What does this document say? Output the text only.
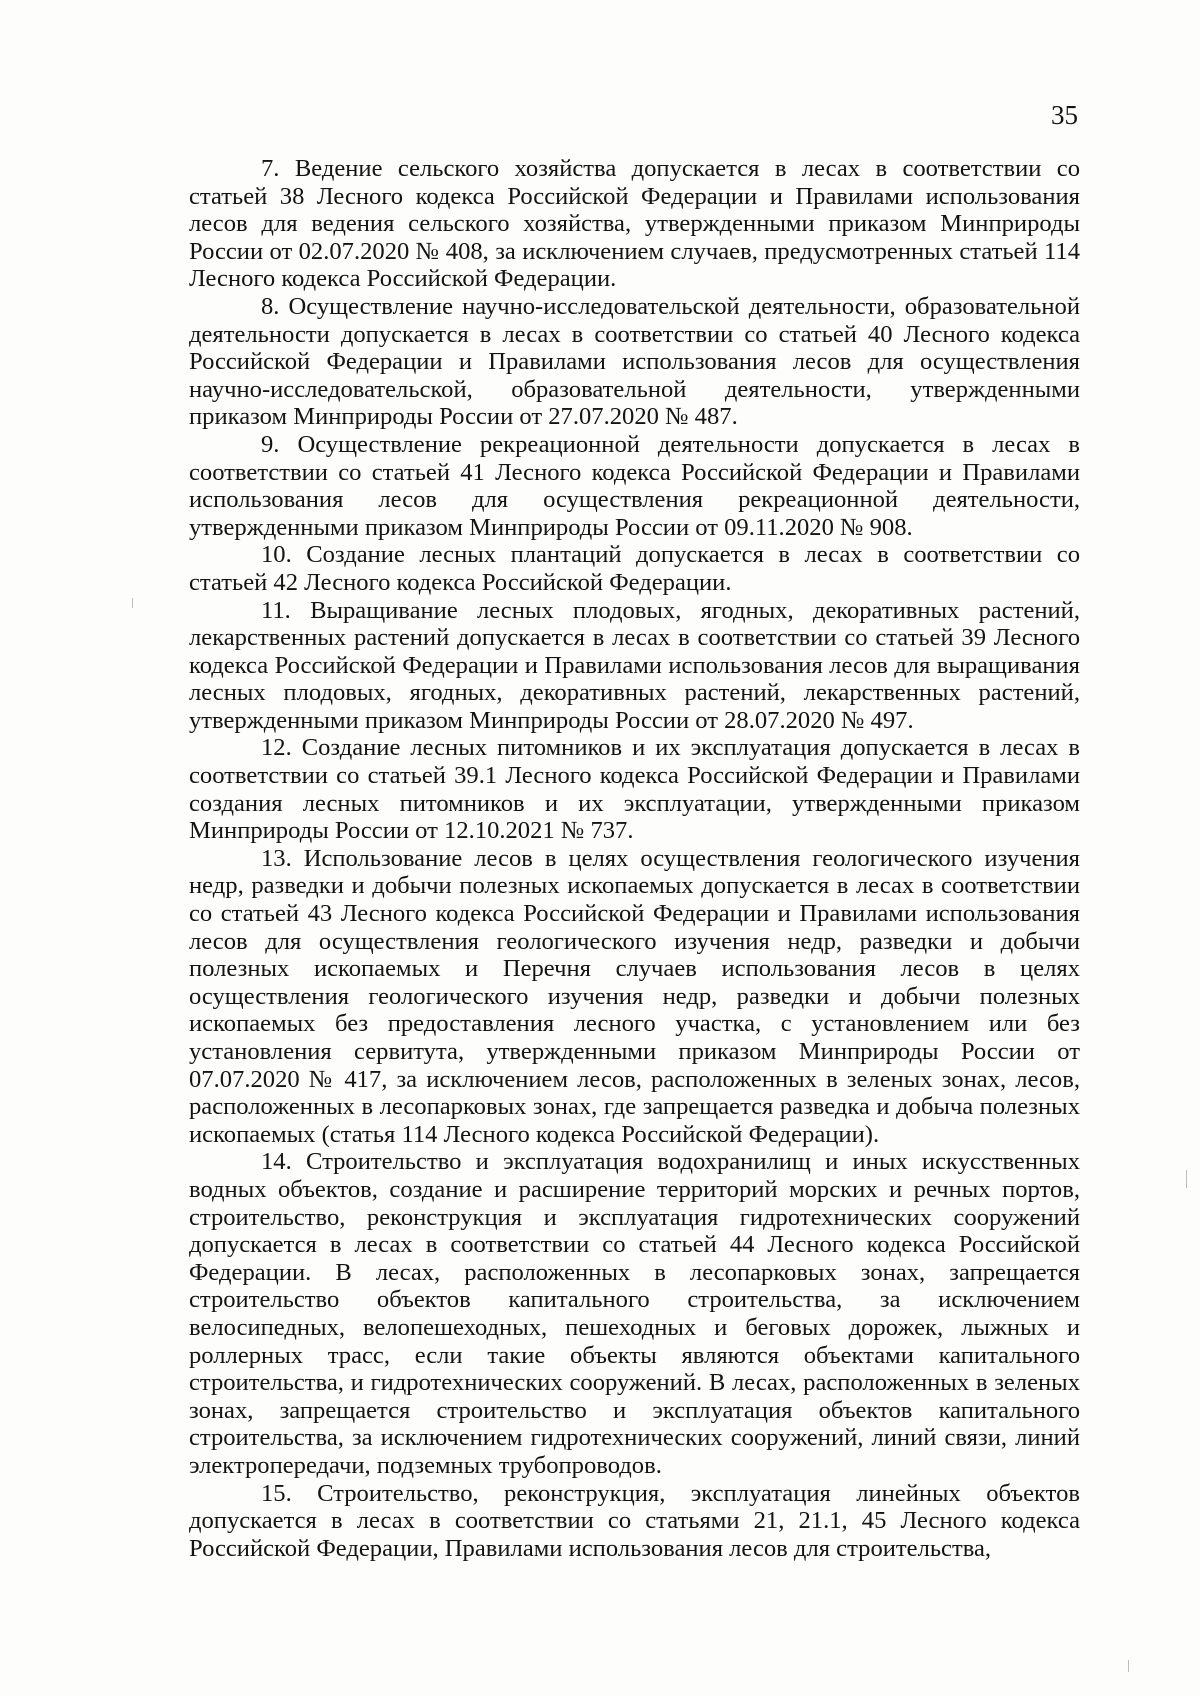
35

7. Ведение сельского хозяйства допускается в лесах в соответствии со статьей 38 Лесного кодекса Российской Федерации и Правилами использования лесов для ведения сельского хозяйства, утвержденными приказом Минприроды России от 02.07.2020 № 408, за исключением случаев, предусмотренных статьей 114 Лесного кодекса Российской Федерации.

8. Осуществление научно-исследовательской деятельности, образовательной деятельности допускается в лесах в соответствии со статьей 40 Лесного кодекса Российской Федерации и Правилами использования лесов для осуществления научно-исследовательской, образовательной деятельности, утвержденными приказом Минприроды России от 27.07.2020 № 487.

9. Осуществление рекреационной деятельности допускается в лесах в соответствии со статьей 41 Лесного кодекса Российской Федерации и Правилами использования лесов для осуществления рекреационной деятельности, утвержденными приказом Минприроды России от 09.11.2020 № 908.

10. Создание лесных плантаций допускается в лесах в соответствии со статьей 42 Лесного кодекса Российской Федерации.

11. Выращивание лесных плодовых, ягодных, декоративных растений, лекарственных растений допускается в лесах в соответствии со статьей 39 Лесного кодекса Российской Федерации и Правилами использования лесов для выращивания лесных плодовых, ягодных, декоративных растений, лекарственных растений, утвержденными приказом Минприроды России от 28.07.2020 № 497.

12. Создание лесных питомников и их эксплуатация допускается в лесах в соответствии со статьей 39.1 Лесного кодекса Российской Федерации и Правилами создания лесных питомников и их эксплуатации, утвержденными приказом Минприроды России от 12.10.2021 № 737.

13. Использование лесов в целях осуществления геологического изучения недр, разведки и добычи полезных ископаемых допускается в лесах в соответствии со статьей 43 Лесного кодекса Российской Федерации и Правилами использования лесов для осуществления геологического изучения недр, разведки и добычи полезных ископаемых и Перечня случаев использования лесов в целях осуществления геологического изучения недр, разведки и добычи полезных ископаемых без предоставления лесного участка, с установлением или без установления сервитута, утвержденными приказом Минприроды России от 07.07.2020 № 417, за исключением лесов, расположенных в зеленых зонах, лесов, расположенных в лесопарковых зонах, где запрещается разведка и добыча полезных ископаемых (статья 114 Лесного кодекса Российской Федерации).

14. Строительство и эксплуатация водохранилищ и иных искусственных водных объектов, создание и расширение территорий морских и речных портов, строительство, реконструкция и эксплуатация гидротехнических сооружений допускается в лесах в соответствии со статьей 44 Лесного кодекса Российской Федерации. В лесах, расположенных в лесопарковых зонах, запрещается строительство объектов капитального строительства, за исключением велосипедных, велопешеходных, пешеходных и беговых дорожек, лыжных и роллерных трасс, если такие объекты являются объектами капитального строительства, и гидротехнических сооружений. В лесах, расположенных в зеленых зонах, запрещается строительство и эксплуатация объектов капитального строительства, за исключением гидротехнических сооружений, линий связи, линий электропередачи, подземных трубопроводов.

15. Строительство, реконструкция, эксплуатация линейных объектов допускается в лесах в соответствии со статьями 21, 21.1, 45 Лесного кодекса Российской Федерации, Правилами использования лесов для строительства,
